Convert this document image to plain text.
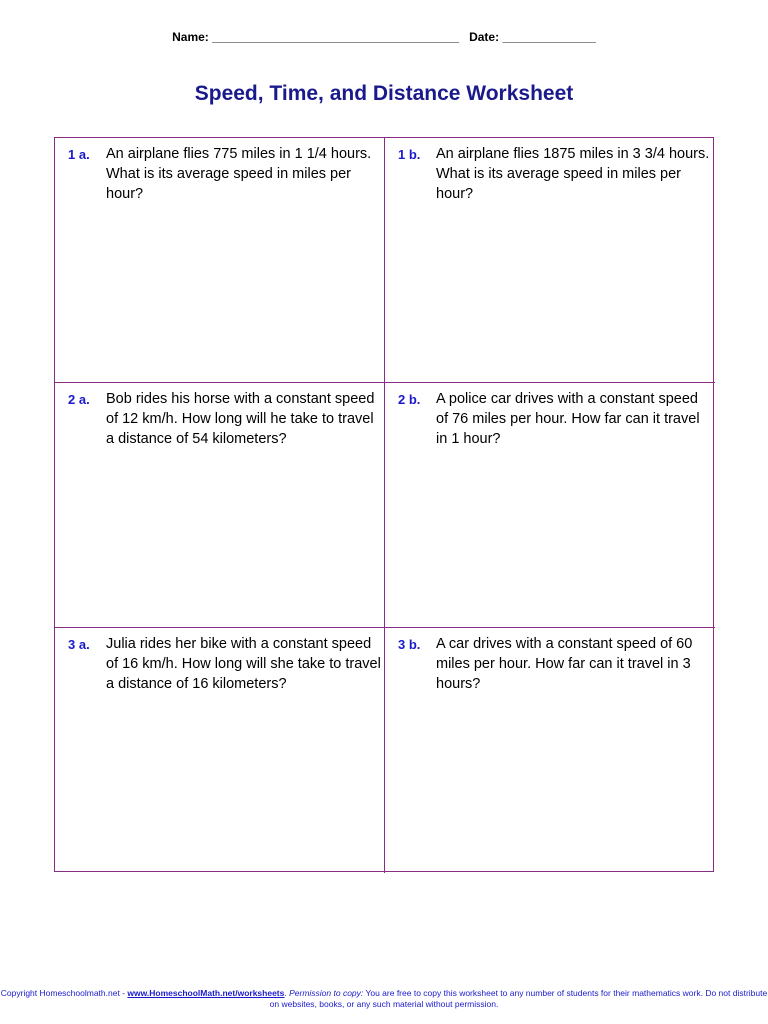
Name: _____________________________________ Date: ______________
Speed, Time, and Distance Worksheet
1 a. An airplane flies 775 miles in 1 1/4 hours. What is its average speed in miles per hour?
1 b. An airplane flies 1875 miles in 3 3/4 hours. What is its average speed in miles per hour?
2 a. Bob rides his horse with a constant speed of 12 km/h. How long will he take to travel a distance of 54 kilometers?
2 b. A police car drives with a constant speed of 76 miles per hour. How far can it travel in 1 hour?
3 a. Julia rides her bike with a constant speed of 16 km/h. How long will she take to travel a distance of 16 kilometers?
3 b. A car drives with a constant speed of 60 miles per hour. How far can it travel in 3 hours?
Copyright Homeschoolmath.net - www.HomeschoolMath.net/worksheets. Permission to copy: You are free to copy this worksheet to any number of students for their mathematics work. Do not distribute on websites, books, or any such material without permission.
